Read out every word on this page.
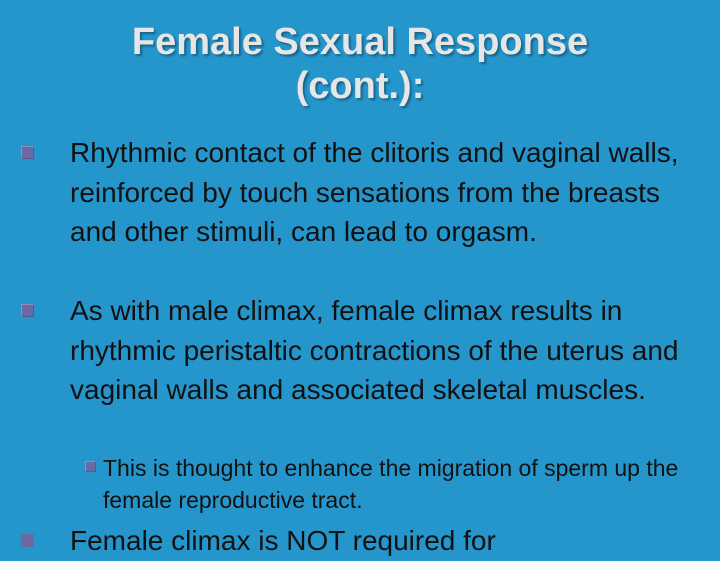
Female Sexual Response
(cont.):
Rhythmic contact of the clitoris and vaginal walls, reinforced by touch sensations from the breasts and other stimuli, can lead to orgasm.
As with male climax, female climax results in rhythmic peristaltic contractions of the uterus and vaginal walls and associated skeletal muscles.
This is thought to enhance the migration of sperm up the female reproductive tract.
Female climax is NOT required for
